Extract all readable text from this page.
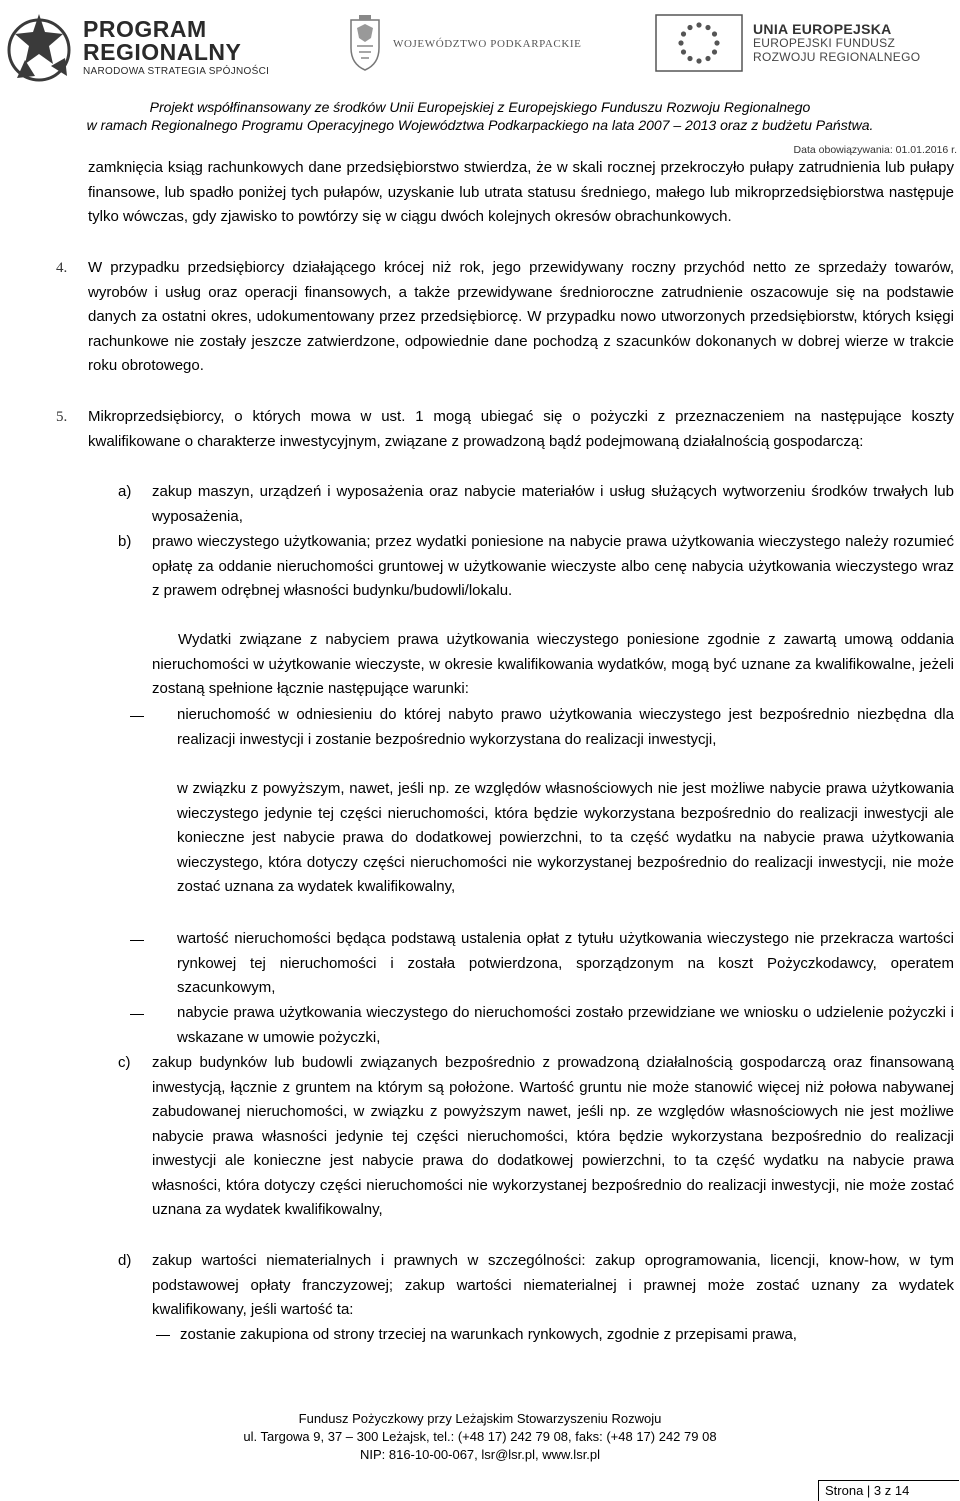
PROGRAM
REGIONALNY
NARODOWA STRATEGIA SPÓJNOŚCI
WOJEWÓDZTWO PODKARPACKIE
UNIA EUROPEJSKA
EUROPEJSKI FUNDUSZ
ROZWOJU REGIONALNEGO
Projekt współfinansowany ze środków Unii Europejskiej z Europejskiego Funduszu Rozwoju Regionalnego
w ramach Regionalnego Programu Operacyjnego Województwa Podkarpackiego na lata 2007 – 2013 oraz z budżetu Państwa.
Data obowiązywania: 01.01.2016 r.
zamknięcia ksiąg rachunkowych dane przedsiębiorstwo stwierdza, że w skali rocznej przekroczyło pułapy zatrudnienia lub pułapy finansowe, lub spadło poniżej tych pułapów, uzyskanie lub utrata statusu średniego, małego lub mikroprzedsiębiorstwa następuje tylko wówczas, gdy zjawisko to powtórzy się w ciągu dwóch kolejnych okresów obrachunkowych.
4. W przypadku przedsiębiorcy działającego krócej niż rok, jego przewidywany roczny przychód netto ze sprzedaży towarów, wyrobów i usług oraz operacji finansowych, a także przewidywane średnioroczne zatrudnienie oszacowuje się na podstawie danych za ostatni okres, udokumentowany przez przedsiębiorcę. W przypadku nowo utworzonych przedsiębiorstw, których księgi rachunkowe nie zostały jeszcze zatwierdzone, odpowiednie dane pochodzą z szacunków dokonanych w dobrej wierze w trakcie roku obrotowego.
5. Mikroprzedsiębiorcy, o których mowa w ust. 1 mogą ubiegać się o pożyczki z przeznaczeniem na następujące koszty kwalifikowane o charakterze inwestycyjnym, związane z prowadzoną bądź podejmowaną działalnością gospodarczą:
a) zakup maszyn, urządzeń i wyposażenia oraz nabycie materiałów i usług służących wytworzeniu środków trwałych lub wyposażenia,
b) prawo wieczystego użytkowania; przez wydatki poniesione na nabycie prawa użytkowania wieczystego należy rozumieć opłatę za oddanie nieruchomości gruntowej w użytkowanie wieczyste albo cenę nabycia użytkowania wieczystego wraz z prawem odrębnej własności budynku/budowli/lokalu.
Wydatki związane z nabyciem prawa użytkowania wieczystego poniesione zgodnie z zawartą umową oddania nieruchomości w użytkowanie wieczyste, w okresie kwalifikowania wydatków, mogą być uznane za kwalifikowalne, jeżeli zostaną spełnione łącznie następujące warunki:
nieruchomość w odniesieniu do której nabyto prawo użytkowania wieczystego jest bezpośrednio niezbędna dla realizacji inwestycji i zostanie bezpośrednio wykorzystana do realizacji inwestycji,
w związku z powyższym, nawet, jeśli np. ze względów własnościowych nie jest możliwe nabycie prawa użytkowania wieczystego jedynie tej części nieruchomości, która będzie wykorzystana bezpośrednio do realizacji inwestycji ale konieczne jest nabycie prawa do dodatkowej powierzchni, to ta część wydatku na nabycie prawa użytkowania wieczystego, która dotyczy części nieruchomości nie wykorzystanej bezpośrednio do realizacji inwestycji, nie może zostać uznana za wydatek kwalifikowalny,
wartość nieruchomości będąca podstawą ustalenia opłat z tytułu użytkowania wieczystego nie przekracza wartości rynkowej tej nieruchomości i została potwierdzona, sporządzonym na koszt Pożyczkodawcy, operatem szacunkowym,
nabycie prawa użytkowania wieczystego do nieruchomości zostało przewidziane we wniosku o udzielenie pożyczki i wskazane w umowie pożyczki,
c) zakup budynków lub budowli związanych bezpośrednio z prowadzoną działalnością gospodarczą oraz finansowaną inwestycją, łącznie z gruntem na którym są położone. Wartość gruntu nie może stanowić więcej niż połowa nabywanej zabudowanej nieruchomości, w związku z powyższym nawet, jeśli np. ze względów własnościowych nie jest możliwe nabycie prawa własności jedynie tej części nieruchomości, która będzie wykorzystana bezpośrednio do realizacji inwestycji ale konieczne jest nabycie prawa do dodatkowej powierzchni, to ta część wydatku na nabycie prawa własności, która dotyczy części nieruchomości nie wykorzystanej bezpośrednio do realizacji inwestycji, nie może zostać uznana za wydatek kwalifikowalny,
d) zakup wartości niematerialnych i prawnych w szczególności: zakup oprogramowania, licencji, know-how, w tym podstawowej opłaty franczyzowej; zakup wartości niematerialnej i prawnej może zostać uznany za wydatek kwalifikowany, jeśli wartość ta:
zostanie zakupiona od strony trzeciej na warunkach rynkowych, zgodnie z przepisami prawa,
Fundusz Pożyczkowy przy Leżajskim Stowarzyszeniu Rozwoju
ul. Targowa 9, 37 – 300 Leżajsk, tel.: (+48 17) 242 79 08, faks: (+48 17) 242 79 08
NIP: 816-10-00-067, lsr@lsr.pl, www.lsr.pl
Strona | 3 z 14
